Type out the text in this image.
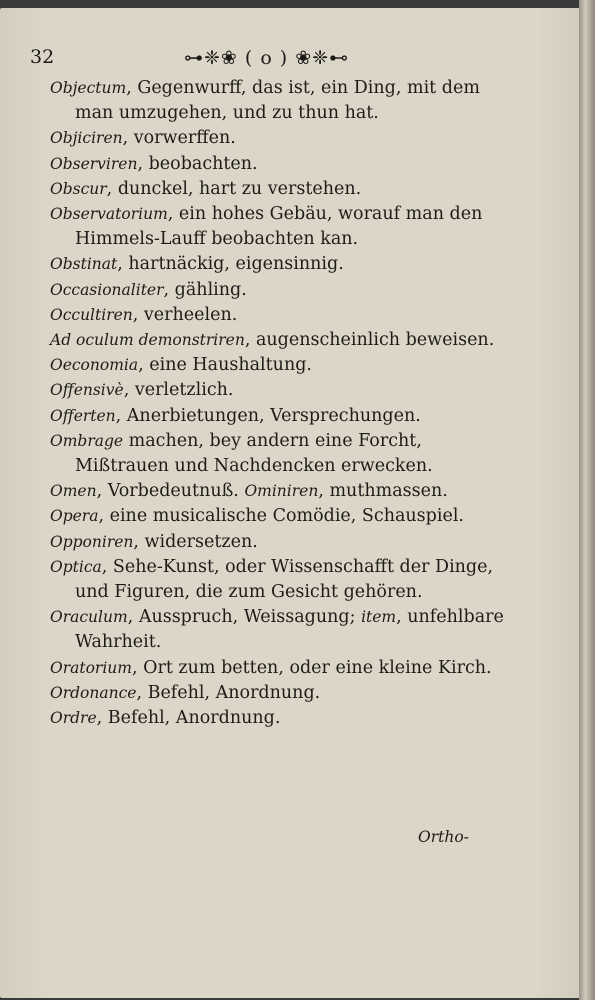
32	⊶❈❀ ( o ) ❀❈⊷

Objectum, Gegenwurff, das ist, ein Ding, mit dem man umzugehen, und zu thun hat.

Objiciren, vorwerffen.

Observiren, beobachten.

Obscur, dunckel, hart zu verstehen.

Observatorium, ein hohes Gebäu, worauf man den Himmels-Lauff beobachten kan.

Obstinat, hartnäckig, eigensinnig.

Occasionaliter, gähling.

Occultiren, verheelen.

Ad oculum demonstriren, augenscheinlich beweisen.

Oeconomia, eine Haushaltung.

Offensivè, verletzlich.

Offerten, Anerbietungen, Versprechungen.

Ombrage machen, bey andern eine Forcht, Mißtrauen und Nachdencken erwecken.

Omen, Vorbedeutnuß. Ominiren, muthmassen.

Opera, eine musicalische Comödie, Schauspiel.

Opponiren, widersetzen.

Optica, Sehe-Kunst, oder Wissenschafft der Dinge, und Figuren, die zum Gesicht gehören.

Oraculum, Ausspruch, Weissagung; item, unfehlbare Wahrheit.

Oratorium, Ort zum betten, oder eine kleine Kirch.

Ordonance, Befehl, Anordnung.

Ordre, Befehl, Anordnung.

Ortho-
